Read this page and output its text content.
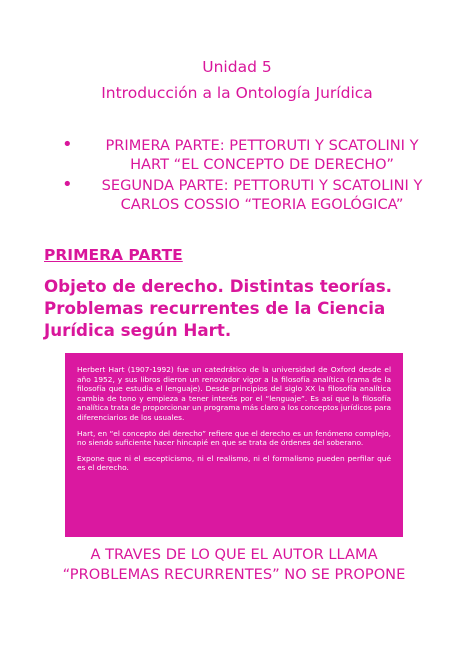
Unidad 5
Introducción a la Ontología Jurídica
• PRIMERA PARTE: PETTORUTI Y SCATOLINI Y HART “EL CONCEPTO DE DERECHO”
• SEGUNDA PARTE: PETTORUTI Y SCATOLINI Y CARLOS COSSIO “TEORIA EGOLÓGICA”
PRIMERA PARTE
Objeto de derecho. Distintas teorías. Problemas recurrentes de la Ciencia Jurídica según Hart.

Herbert Hart (1907-1992) fue un catedrático de la universidad de Oxford desde el año 1952, y sus libros dieron un renovador vigor a la filosofía analítica (rama de la filosofía que estudia el lenguaje). Desde principios del siglo XX la filosofía analítica cambia de tono y empieza a tener interés por el “lenguaje”. Es así que la filosofía analítica trata de proporcionar un programa más claro a los conceptos jurídicos para diferenciarios de los usuales.

Hart, en “el concepto del derecho” refiere que el derecho es un fenómeno complejo, no siendo suficiente hacer hincapié en que se trata de órdenes del soberano.

Expone que ni el escepticismo, ni el realismo, ni el formalismo pueden perfilar qué es el derecho.

A TRAVES DE LO QUE EL AUTOR LLAMA “PROBLEMAS RECURRENTES” NO SE PROPONE
